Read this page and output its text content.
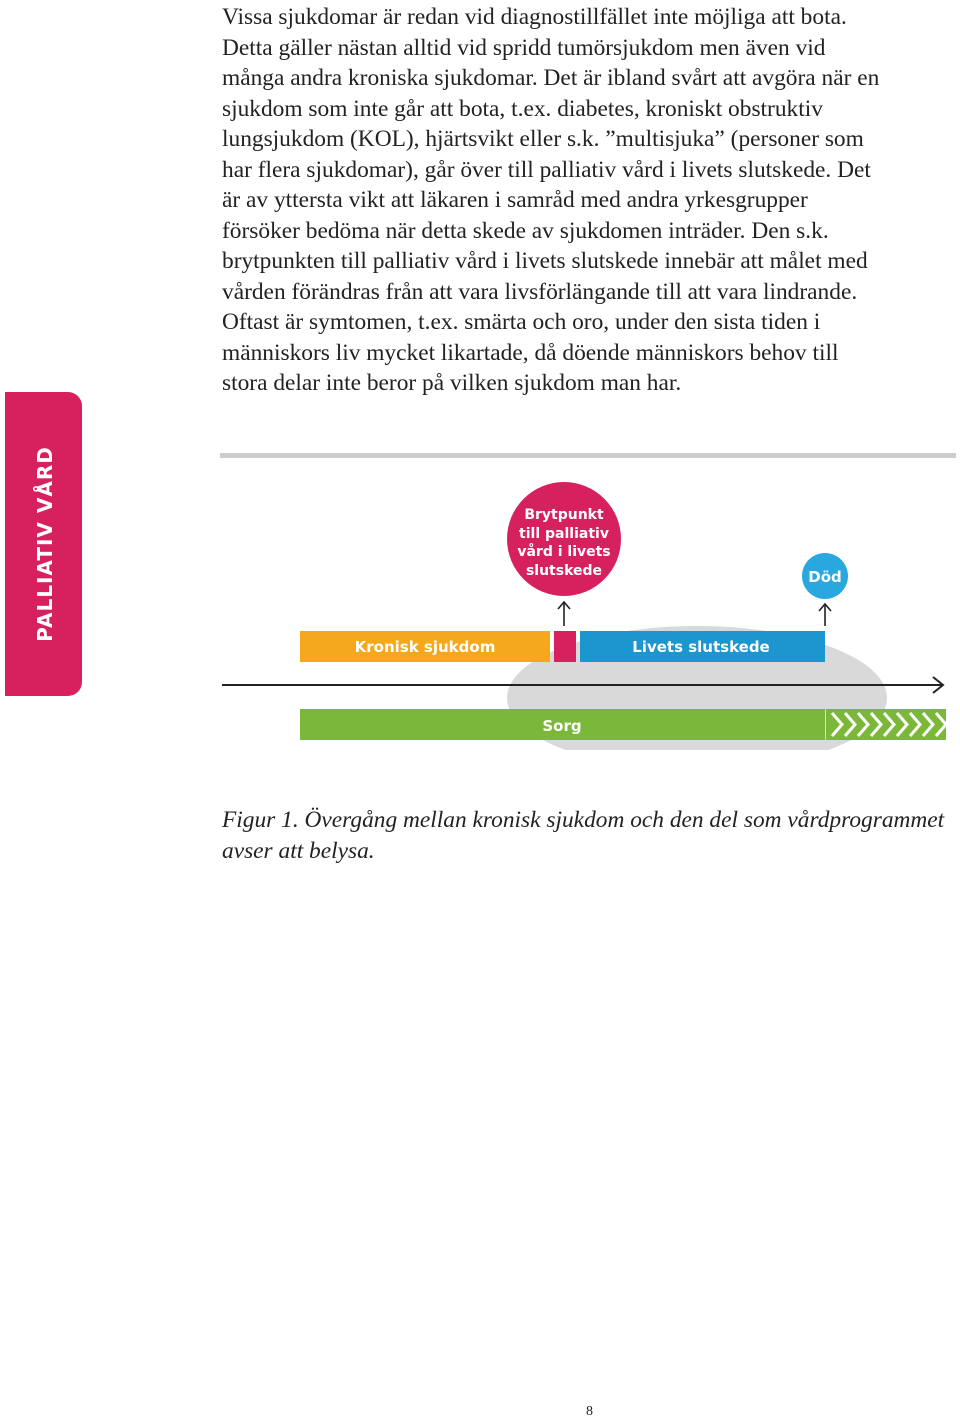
Vissa sjukdomar är redan vid diagnostillfället inte möjliga att bota.
Detta gäller nästan alltid vid spridd tumörsjukdom men även vid
många andra kroniska sjukdomar. Det är ibland svårt att avgöra när en
sjukdom som inte går att bota, t.ex. diabetes, kroniskt obstruktiv
lungsjukdom (KOL), hjärtsvikt eller s.k. ”multisjuka” (personer som
har flera sjukdomar), går över till palliativ vård i livets slutskede. Det
är av yttersta vikt att läkaren i samråd med andra yrkesgrupper
försöker bedöma när detta skede av sjukdomen inträder. Den s.k.
brytpunkten till palliativ vård i livets slutskede innebär att målet med
vården förändras från att vara livsförlängande till att vara lindrande.
Oftast är symtomen, t.ex. smärta och oro, under den sista tiden i
människors liv mycket likartade, då döende människors behov till
stora delar inte beror på vilken sjukdom man har.

PALLIATIV VÅRD
Kronisk sjukdom	Livets slutskede
Sorg
Brytpunkt
till palliativ
vård i livets
slutskede	Död

Figur 1. Övergång mellan kronisk sjukdom och den del som vårdprogrammet
avser att belysa.

8
